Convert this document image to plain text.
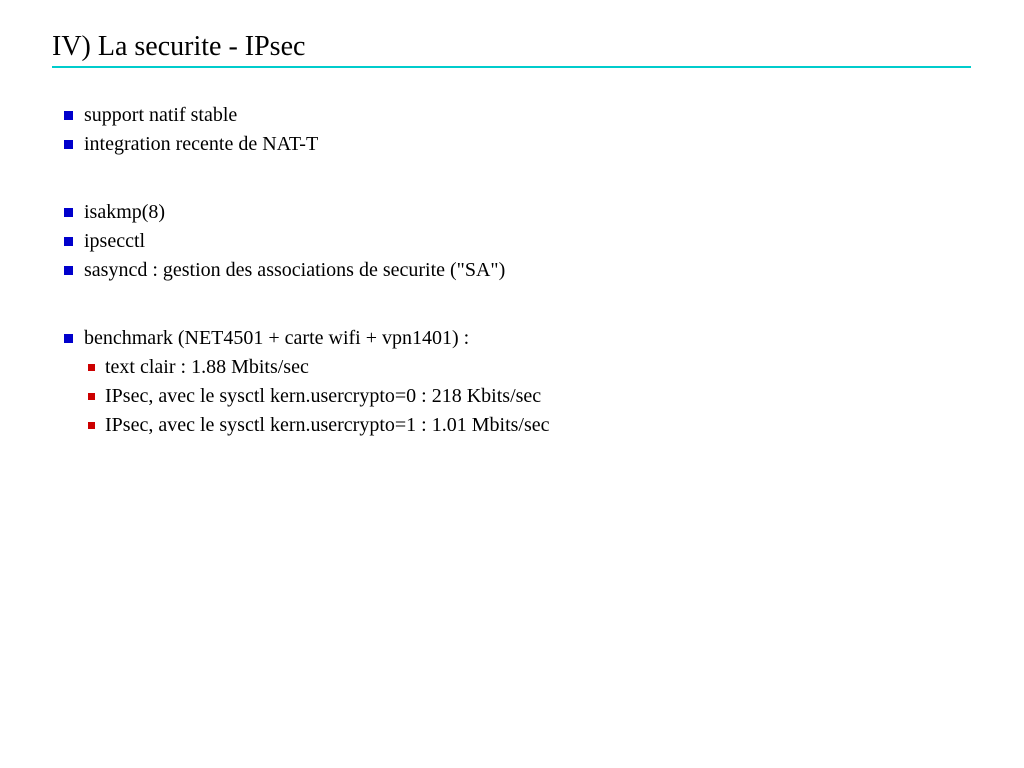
IV) La securite - IPsec
support natif stable
integration recente de NAT-T
isakmp(8)
ipsecctl
sasyncd : gestion des associations de securite ("SA")
benchmark (NET4501 + carte wifi + vpn1401) :
text clair : 1.88 Mbits/sec
IPsec, avec le sysctl kern.usercrypto=0 : 218 Kbits/sec
IPsec, avec le sysctl kern.usercrypto=1 : 1.01 Mbits/sec
